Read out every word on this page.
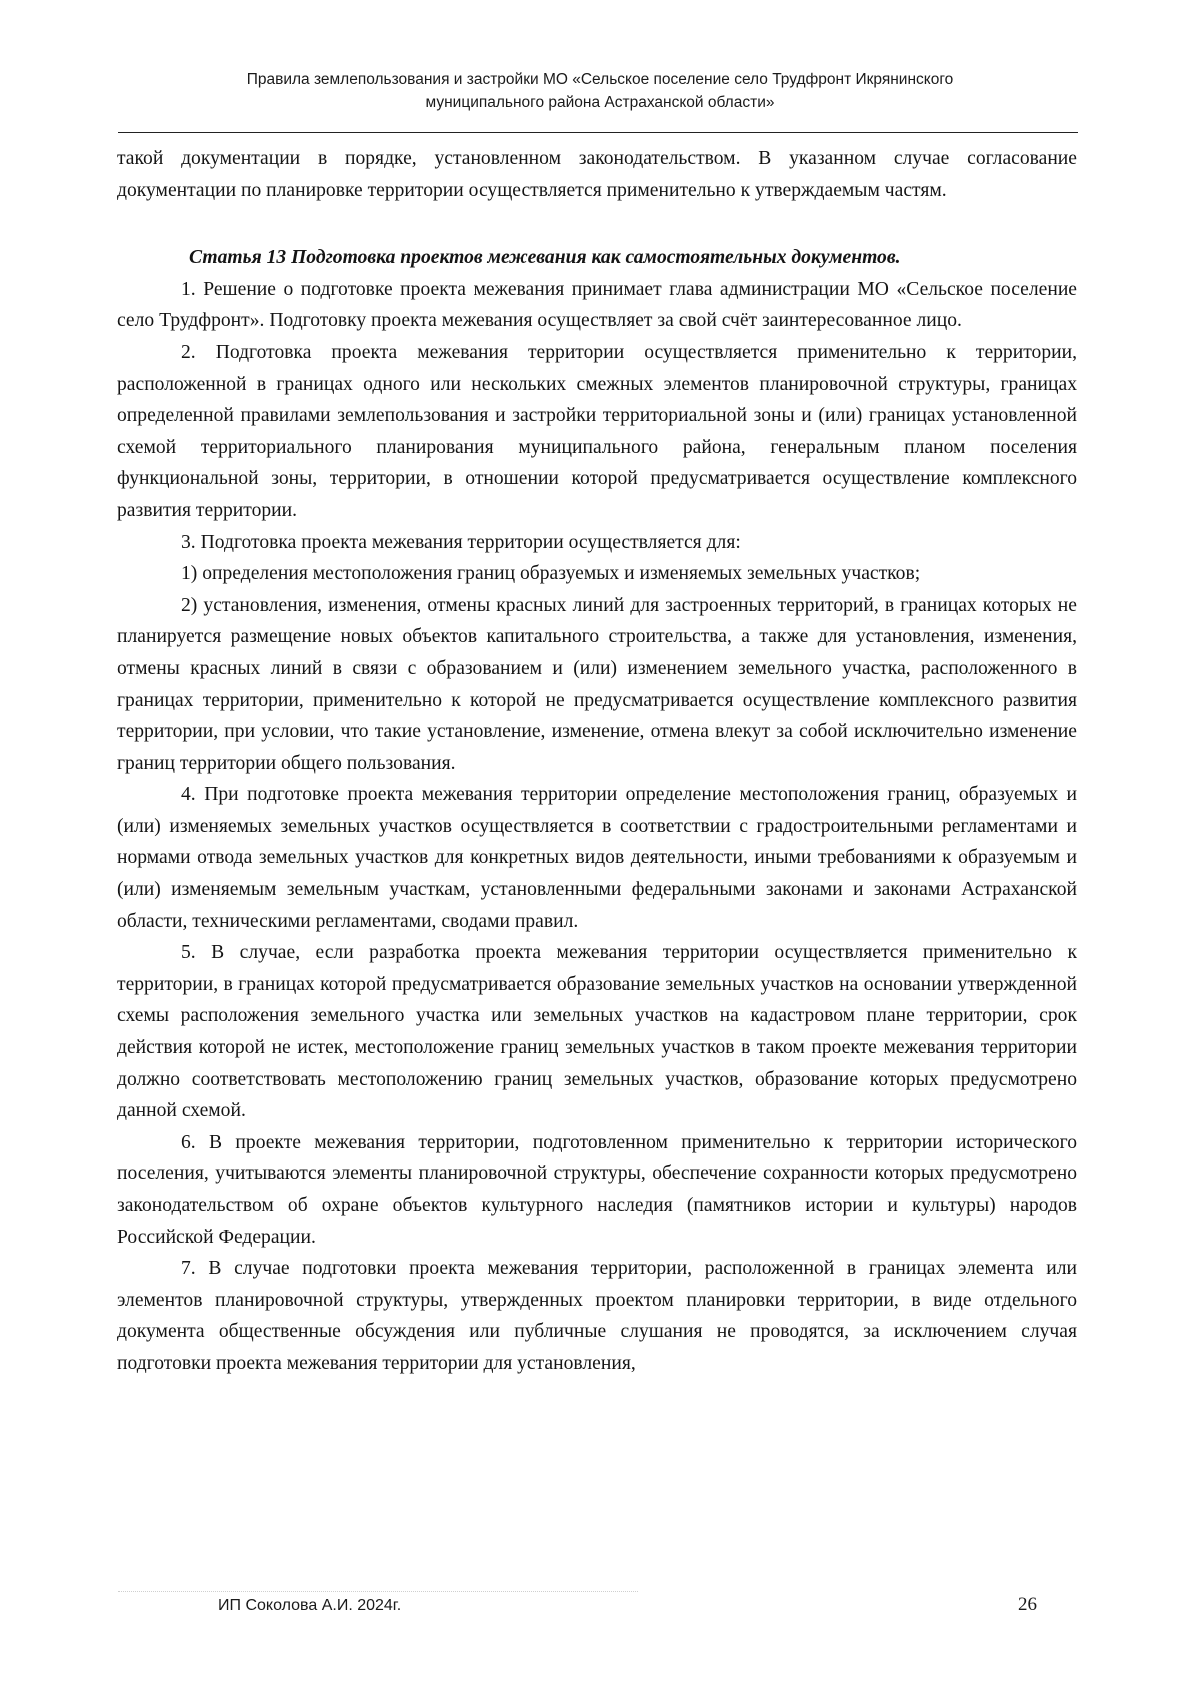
Правила землепользования и застройки МО «Сельское поселение село Трудфронт Икрянинского
муниципального района Астраханской области»

такой документации в порядке, установленном законодательством. В указанном случае согласование документации по планировке территории осуществляется применительно к утверждаемым частям.

Статья 13 Подготовка проектов межевания как самостоятельных документов.

1. Решение о подготовке проекта межевания принимает глава администрации МО «Сельское поселение село Трудфронт». Подготовку проекта межевания осуществляет за свой счёт заинтересованное лицо.

2. Подготовка проекта межевания территории осуществляется применительно к территории, расположенной в границах одного или нескольких смежных элементов планировочной структуры, границах определенной правилами землепользования и застройки территориальной зоны и (или) границах установленной схемой территориального планирования муниципального района, генеральным планом поселения функциональной зоны, территории, в отношении которой предусматривается осуществление комплексного развития территории.

3. Подготовка проекта межевания территории осуществляется для:

1) определения местоположения границ образуемых и изменяемых земельных участков;

2) установления, изменения, отмены красных линий для застроенных территорий, в границах которых не планируется размещение новых объектов капитального строительства, а также для установления, изменения, отмены красных линий в связи с образованием и (или) изменением земельного участка, расположенного в границах территории, применительно к которой не предусматривается осуществление комплексного развития территории, при условии, что такие установление, изменение, отмена влекут за собой исключительно изменение границ территории общего пользования.

4. При подготовке проекта межевания территории определение местоположения границ, образуемых и (или) изменяемых земельных участков осуществляется в соответствии с градостроительными регламентами и нормами отвода земельных участков для конкретных видов деятельности, иными требованиями к образуемым и (или) изменяемым земельным участкам, установленными федеральными законами и законами Астраханской области, техническими регламентами, сводами правил.

5. В случае, если разработка проекта межевания территории осуществляется применительно к территории, в границах которой предусматривается образование земельных участков на основании утвержденной схемы расположения земельного участка или земельных участков на кадастровом плане территории, срок действия которой не истек, местоположение границ земельных участков в таком проекте межевания территории должно соответствовать местоположению границ земельных участков, образование которых предусмотрено данной схемой.

6. В проекте межевания территории, подготовленном применительно к территории исторического поселения, учитываются элементы планировочной структуры, обеспечение сохранности которых предусмотрено законодательством об охране объектов культурного наследия (памятников истории и культуры) народов Российской Федерации.

7. В случае подготовки проекта межевания территории, расположенной в границах элемента или элементов планировочной структуры, утвержденных проектом планировки территории, в виде отдельного документа общественные обсуждения или публичные слушания не проводятся, за исключением случая подготовки проекта межевания территории для установления,

ИП Соколова А.И. 2024г.	26
